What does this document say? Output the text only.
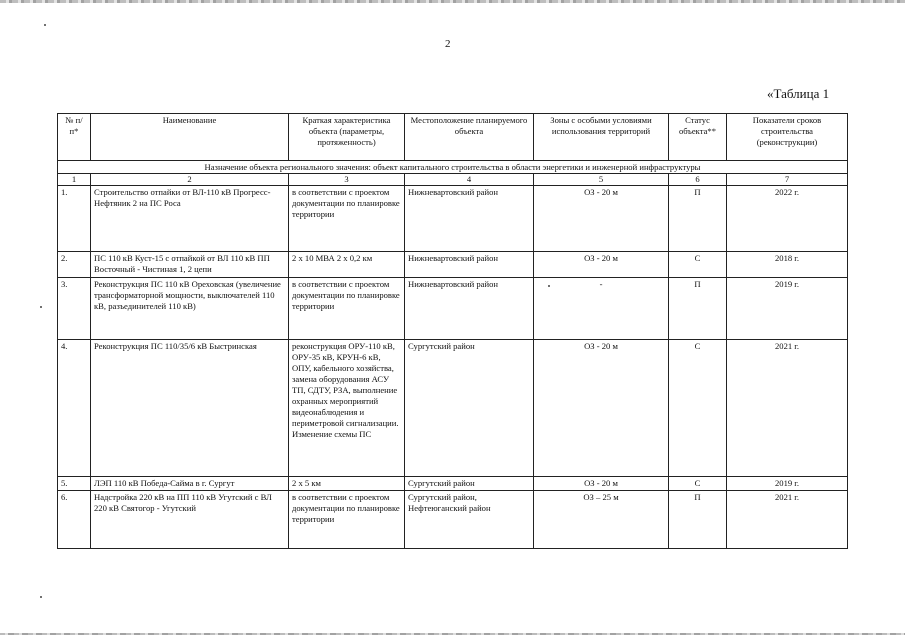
2
«Таблица 1
№ п/п*	Наименование	Краткая характеристика объекта (параметры, протяженность)	Местоположение планируемого объекта	Зоны с особыми условиями использования территорий	Статус объекта**	Показатели сроков строительства (реконструкции)
Назначение объекта регионального значения: объект капитального строительства в области энергетики и инженерной инфраструктуры						
1	2	3	4	5	6	7
1.	Строительство отпайки от ВЛ-110 кВ Прогресс-Нефтяник 2 на ПС Роса	в соответствии с проектом документации по планировке территории	Нижневартовский район	ОЗ - 20 м	П	2022 г.
2.	ПС 110 кВ Куст-15 с отпайкой от ВЛ 110 кВ ПП Восточный - Чистиная 1, 2 цепи	2 х 10 МВА 2 х 0,2 км	Нижневартовский район	ОЗ - 20 м	С	2018 г.
3.	Реконструкция ПС 110 кВ Ореховская (увеличение трансформаторной мощности, выключателей 110 кВ, разъединителей 110 кВ)	в соответствии с проектом документации по планировке территории	Нижневартовский район	-	П	2019 г.
4.	Реконструкция ПС 110/35/6 кВ Быстринская	реконструкция ОРУ-110 кВ, ОРУ-35 кВ, КРУН-6 кВ, ОПУ, кабельного хозяйства, замена оборудования АСУ ТП, СДТУ, РЗА, выполнение охранных мероприятий видеонаблюдения и периметровой сигнализации. Изменение схемы ПС	Сургутский район	ОЗ - 20 м	С	2021 г.
5.	ЛЭП 110 кВ Победа-Сайма в г. Сургут	2 х 5 км	Сургутский район	ОЗ - 20 м	С	2019 г.
6.	Надстройка 220 кВ на ПП 110 кВ Угутский с ВЛ 220 кВ Святогор - Угутский	в соответствии с проектом документации по планировке территории	Сургутский район, Нефтеюганский район	ОЗ – 25 м	П	2021 г.
